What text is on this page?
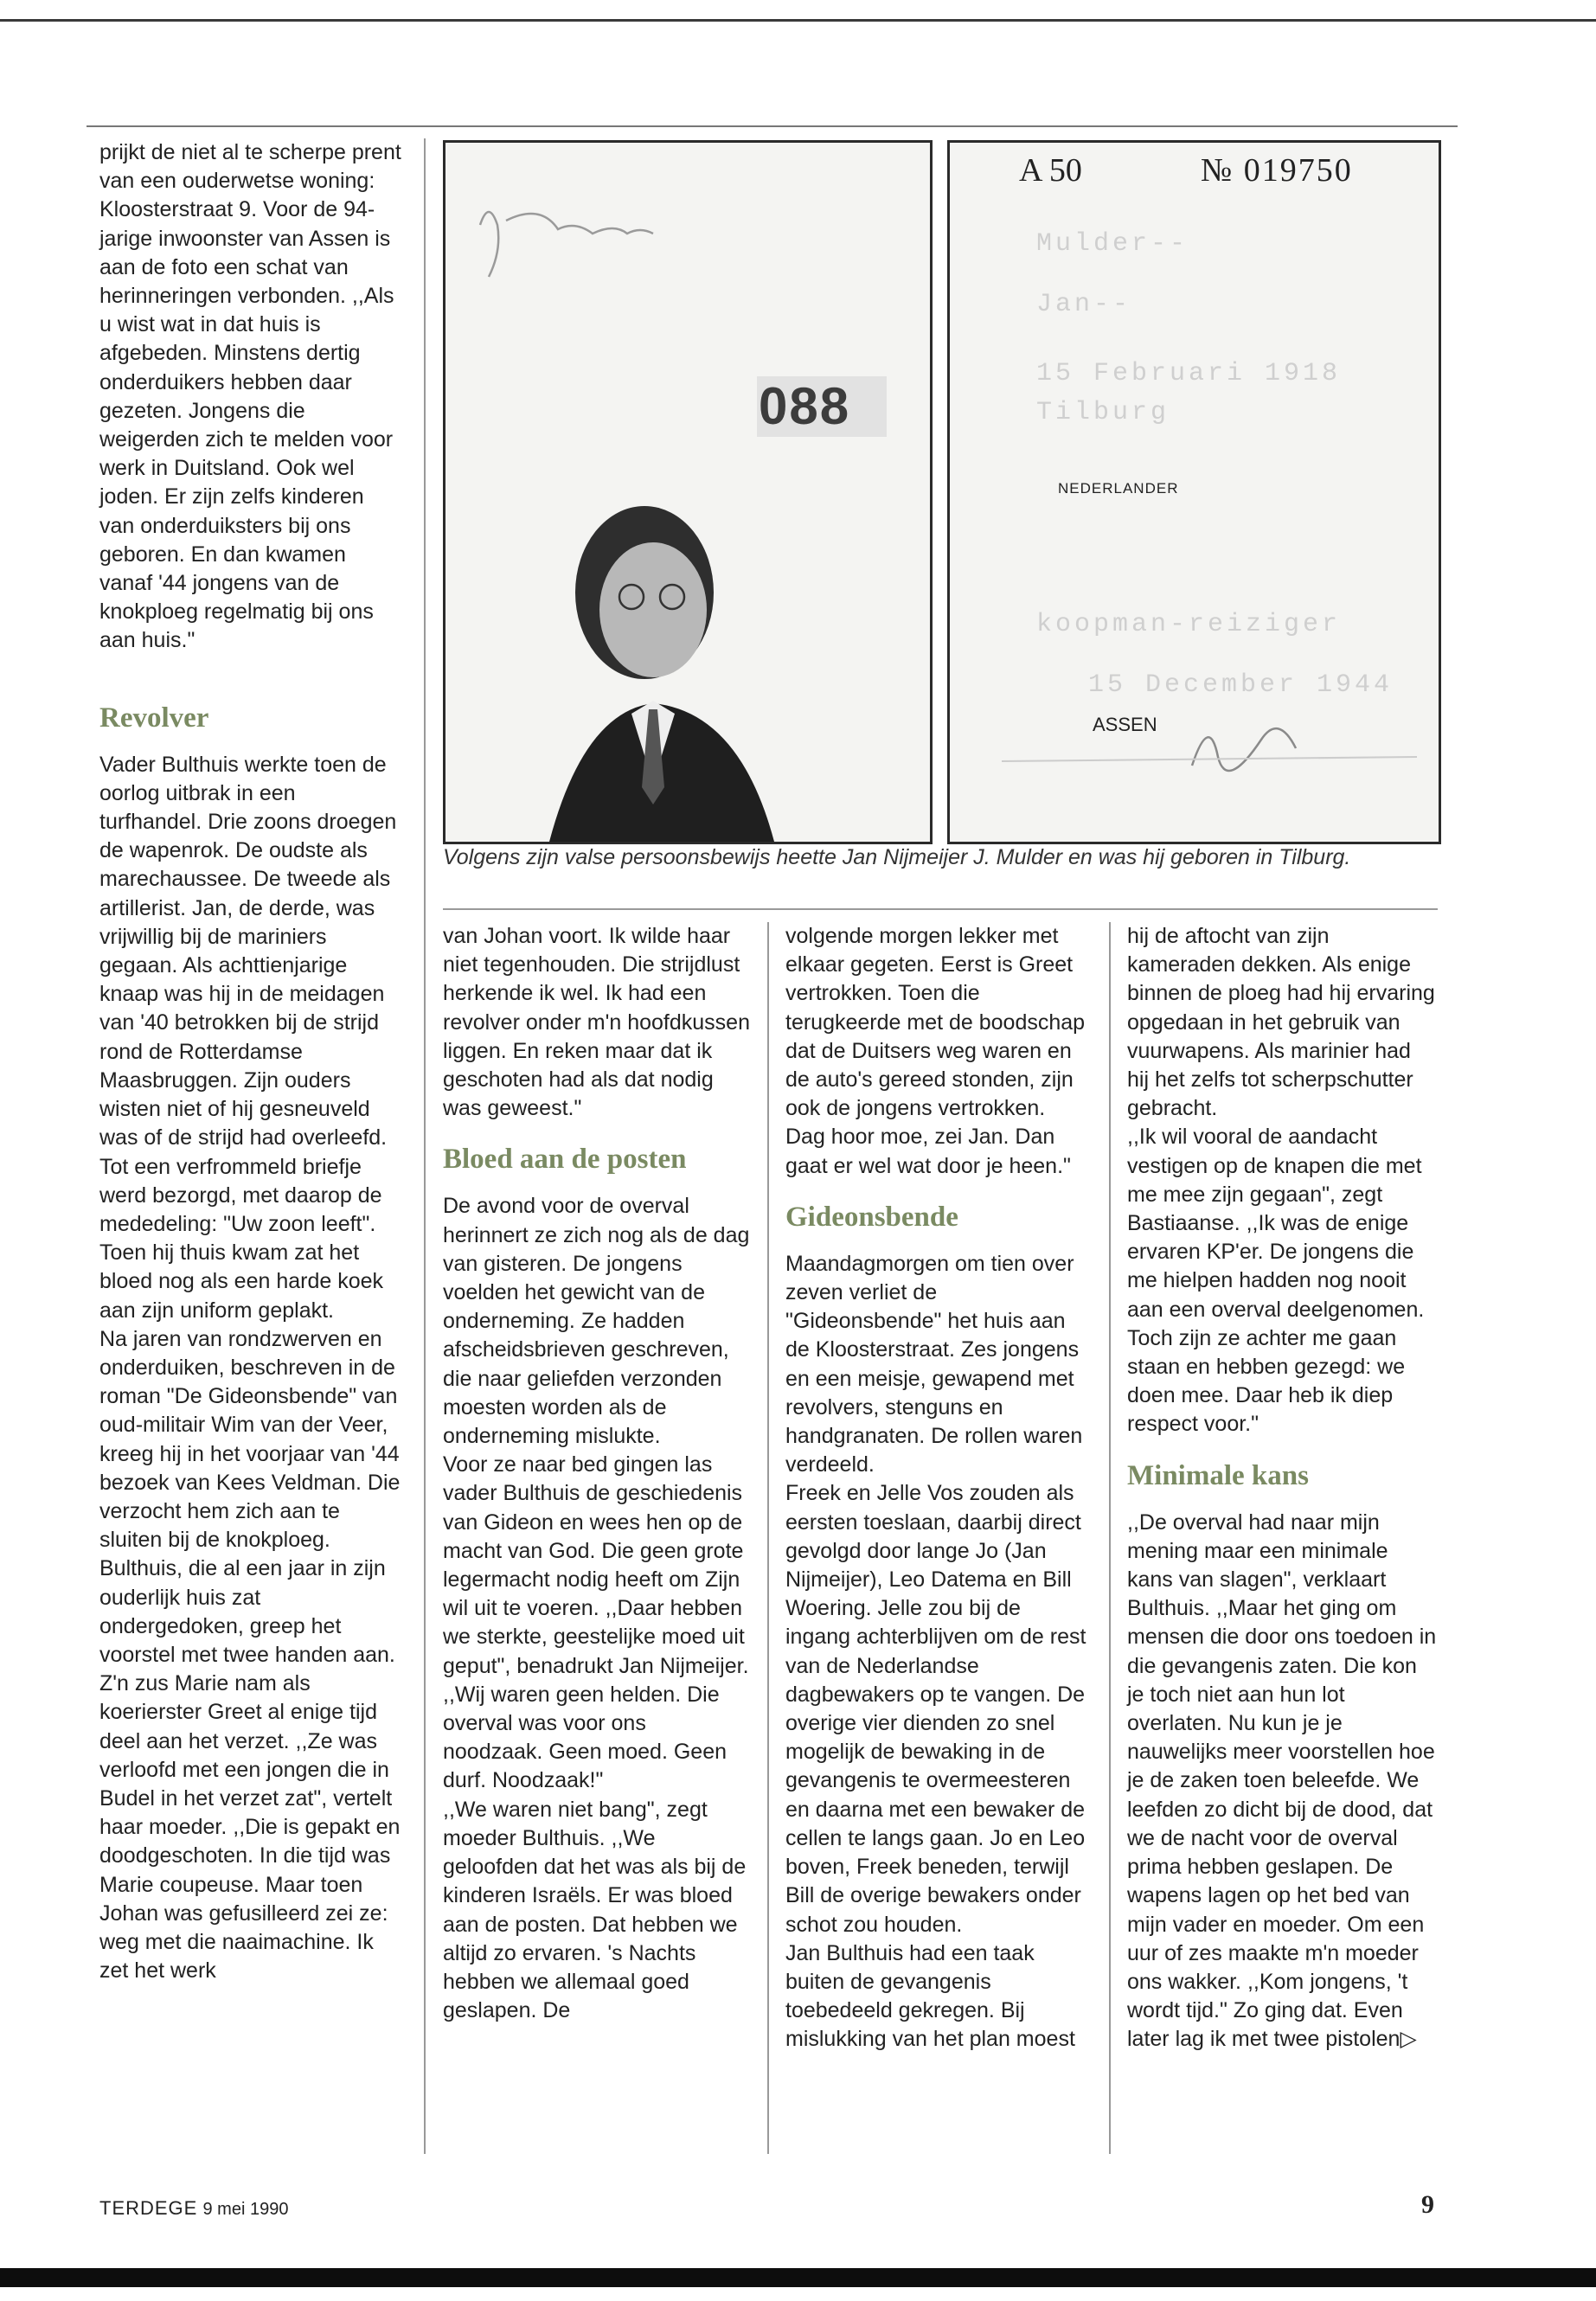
prijkt de niet al te scherpe prent van een ouderwetse woning: Kloosterstraat 9. Voor de 94-jarige inwoonster van Assen is aan de foto een schat van herinneringen verbonden. ,,Als u wist wat in dat huis is afgebeden. Minstens dertig onderduikers hebben daar gezeten. Jongens die weigerden zich te melden voor werk in Duitsland. Ook wel joden. Er zijn zelfs kinderen van onderduiksters bij ons geboren. En dan kwamen vanaf '44 jongens van de knokploeg regelmatig bij ons aan huis."

Revolver

Vader Bulthuis werkte toen de oorlog uitbrak in een turfhandel. Drie zoons droegen de wapenrok. De oudste als marechaussee. De tweede als artillerist. Jan, de derde, was vrijwillig bij de mariniers gegaan. Als achttienjarige knaap was hij in de meidagen van '40 betrokken bij de strijd rond de Rotterdamse Maasbruggen. Zijn ouders wisten niet of hij gesneuveld was of de strijd had overleefd. Tot een verfrommeld briefje werd bezorgd, met daarop de mededeling: "Uw zoon leeft". Toen hij thuis kwam zat het bloed nog als een harde koek aan zijn uniform geplakt.

Na jaren van rondzwerven en onderduiken, beschreven in de roman "De Gideonsbende" van oud-militair Wim van der Veer, kreeg hij in het voorjaar van '44 bezoek van Kees Veldman. Die verzocht hem zich aan te sluiten bij de knokploeg. Bulthuis, die al een jaar in zijn ouderlijk huis zat ondergedoken, greep het voorstel met twee handen aan.

Z'n zus Marie nam als koerierster Greet al enige tijd deel aan het verzet. ,,Ze was verloofd met een jongen die in Budel in het verzet zat", vertelt haar moeder. ,,Die is gepakt en doodgeschoten. In die tijd was Marie coupeuse. Maar toen Johan was gefusilleerd zei ze: weg met die naaimachine. Ik zet het werk

088
A 50	№ 019750
Mulder--
Jan--
15 Februari 1918
Tilburg
NEDERLANDER
koopman-reiziger
15 December 1944
ASSEN
Volgens zijn valse persoonsbewijs heette Jan Nijmeijer J. Mulder en was hij geboren in Tilburg.

van Johan voort. Ik wilde haar niet tegenhouden. Die strijdlust herkende ik wel. Ik had een revolver onder m'n hoofdkussen liggen. En reken maar dat ik geschoten had als dat nodig was geweest."

Bloed aan de posten

De avond voor de overval herinnert ze zich nog als de dag van gisteren. De jongens voelden het gewicht van de onderneming. Ze hadden afscheidsbrieven geschreven, die naar geliefden verzonden moesten worden als de onderneming mislukte.

Voor ze naar bed gingen las vader Bulthuis de geschiedenis van Gideon en wees hen op de macht van God. Die geen grote legermacht nodig heeft om Zijn wil uit te voeren. ,,Daar hebben we sterkte, geestelijke moed uit geput", benadrukt Jan Nijmeijer. ,,Wij waren geen helden. Die overval was voor ons noodzaak. Geen moed. Geen durf. Noodzaak!"

,,We waren niet bang", zegt moeder Bulthuis. ,,We geloofden dat het was als bij de kinderen Israëls. Er was bloed aan de posten. Dat hebben we altijd zo ervaren. 's Nachts hebben we allemaal goed geslapen. De

volgende morgen lekker met elkaar gegeten. Eerst is Greet vertrokken. Toen die terugkeerde met de boodschap dat de Duitsers weg waren en de auto's gereed stonden, zijn ook de jongens vertrokken. Dag hoor moe, zei Jan. Dan gaat er wel wat door je heen."

Gideonsbende

Maandagmorgen om tien over zeven verliet de "Gideonsbende" het huis aan de Kloosterstraat. Zes jongens en een meisje, gewapend met revolvers, stenguns en handgranaten. De rollen waren verdeeld.

Freek en Jelle Vos zouden als eersten toeslaan, daarbij direct gevolgd door lange Jo (Jan Nijmeijer), Leo Datema en Bill Woering. Jelle zou bij de ingang achterblijven om de rest van de Nederlandse dagbewakers op te vangen. De overige vier dienden zo snel mogelijk de bewaking in de gevangenis te overmeesteren en daarna met een bewaker de cellen te langs gaan. Jo en Leo boven, Freek beneden, terwijl Bill de overige bewakers onder schot zou houden.

Jan Bulthuis had een taak buiten de gevangenis toebedeeld gekregen. Bij mislukking van het plan moest

hij de aftocht van zijn kameraden dekken. Als enige binnen de ploeg had hij ervaring opgedaan in het gebruik van vuurwapens. Als marinier had hij het zelfs tot scherpschutter gebracht.

,,Ik wil vooral de aandacht vestigen op de knapen die met me mee zijn gegaan", zegt Bastiaanse. ,,Ik was de enige ervaren KP'er. De jongens die me hielpen hadden nog nooit aan een overval deelgenomen. Toch zijn ze achter me gaan staan en hebben gezegd: we doen mee. Daar heb ik diep respect voor."

Minimale kans

,,De overval had naar mijn mening maar een minimale kans van slagen", verklaart Bulthuis. ,,Maar het ging om mensen die door ons toedoen in die gevangenis zaten. Die kon je toch niet aan hun lot overlaten. Nu kun je je nauwelijks meer voorstellen hoe je de zaken toen beleefde. We leefden zo dicht bij de dood, dat we de nacht voor de overval prima hebben geslapen. De wapens lagen op het bed van mijn vader en moeder. Om een uur of zes maakte m'n moeder ons wakker. ,,Kom jongens, 't wordt tijd." Zo ging dat. Even later lag ik met twee pistolen▷

TERDEGE 9 mei 1990	9
